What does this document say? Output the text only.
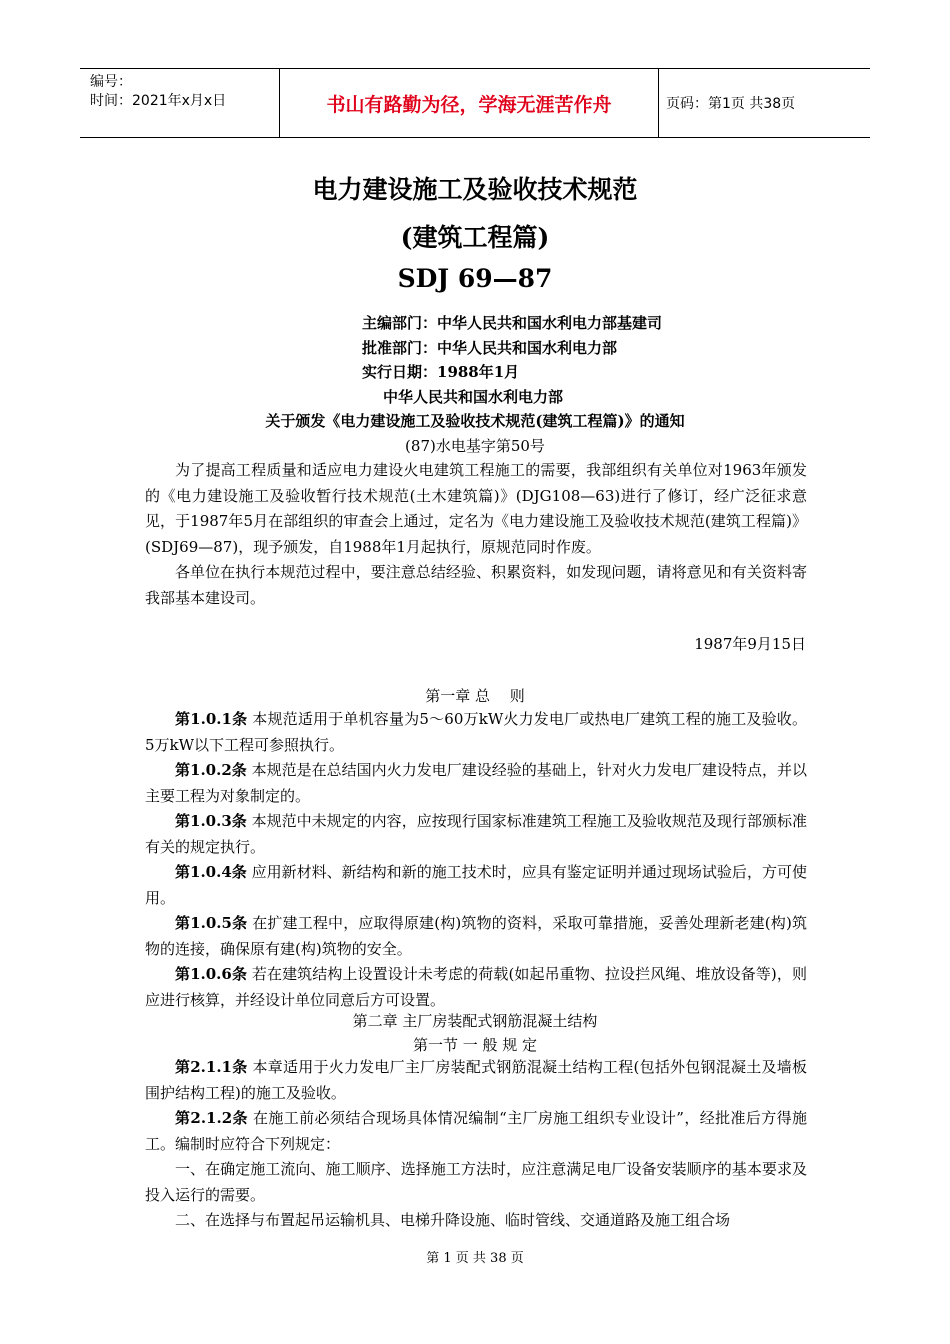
编号：
时间：2021年x月x日	书山有路勤为径，学海无涯苦作舟	页码：第1页 共38页
电力建设施工及验收技术规范
(建筑工程篇)
SDJ 69—87
主编部门：中华人民共和国水利电力部基建司
批准部门：中华人民共和国水利电力部
实行日期：1988年1月
中华人民共和国水利电力部
关于颁发《电力建设施工及验收技术规范(建筑工程篇)》的通知
(87)水电基字第50号

为了提高工程质量和适应电力建设火电建筑工程施工的需要，我部组织有关单位对1963年颁发的《电力建设施工及验收暂行技术规范(土木建筑篇)》(DJG108—63)进行了修订，经广泛征求意见，于1987年5月在部组织的审查会上通过，定名为《电力建设施工及验收技术规范(建筑工程篇)》(SDJ69—87)，现予颁发，自1988年1月起执行，原规范同时作废。

各单位在执行本规范过程中，要注意总结经验、积累资料，如发现问题，请将意见和有关资料寄我部基本建设司。

1987年9月15日
第一章 总　 则

第1.0.1条 本规范适用于单机容量为5～60万kW火力发电厂或热电厂建筑工程的施工及验收。5万kW以下工程可参照执行。

第1.0.2条 本规范是在总结国内火力发电厂建设经验的基础上，针对火力发电厂建设特点，并以主要工程为对象制定的。

第1.0.3条 本规范中未规定的内容，应按现行国家标准建筑工程施工及验收规范及现行部颁标准有关的规定执行。

第1.0.4条 应用新材料、新结构和新的施工技术时，应具有鉴定证明并通过现场试验后，方可使用。

第1.0.5条 在扩建工程中，应取得原建(构)筑物的资料，采取可靠措施，妥善处理新老建(构)筑物的连接，确保原有建(构)筑物的安全。

第1.0.6条 若在建筑结构上设置设计未考虑的荷载(如起吊重物、拉设拦风绳、堆放设备等)，则应进行核算，并经设计单位同意后方可设置。

第二章 主厂房装配式钢筋混凝土结构
第一节 一 般 规 定

第2.1.1条 本章适用于火力发电厂主厂房装配式钢筋混凝土结构工程(包括外包钢混凝土及墙板围护结构工程)的施工及验收。

第2.1.2条 在施工前必须结合现场具体情况编制“主厂房施工组织专业设计”，经批准后方得施工。编制时应符合下列规定：

一、在确定施工流向、施工顺序、选择施工方法时，应注意满足电厂设备安装顺序的基本要求及投入运行的需要。

二、在选择与布置起吊运输机具、电梯升降设施、临时管线、交通道路及施工组合场

第 1 页 共 38 页
